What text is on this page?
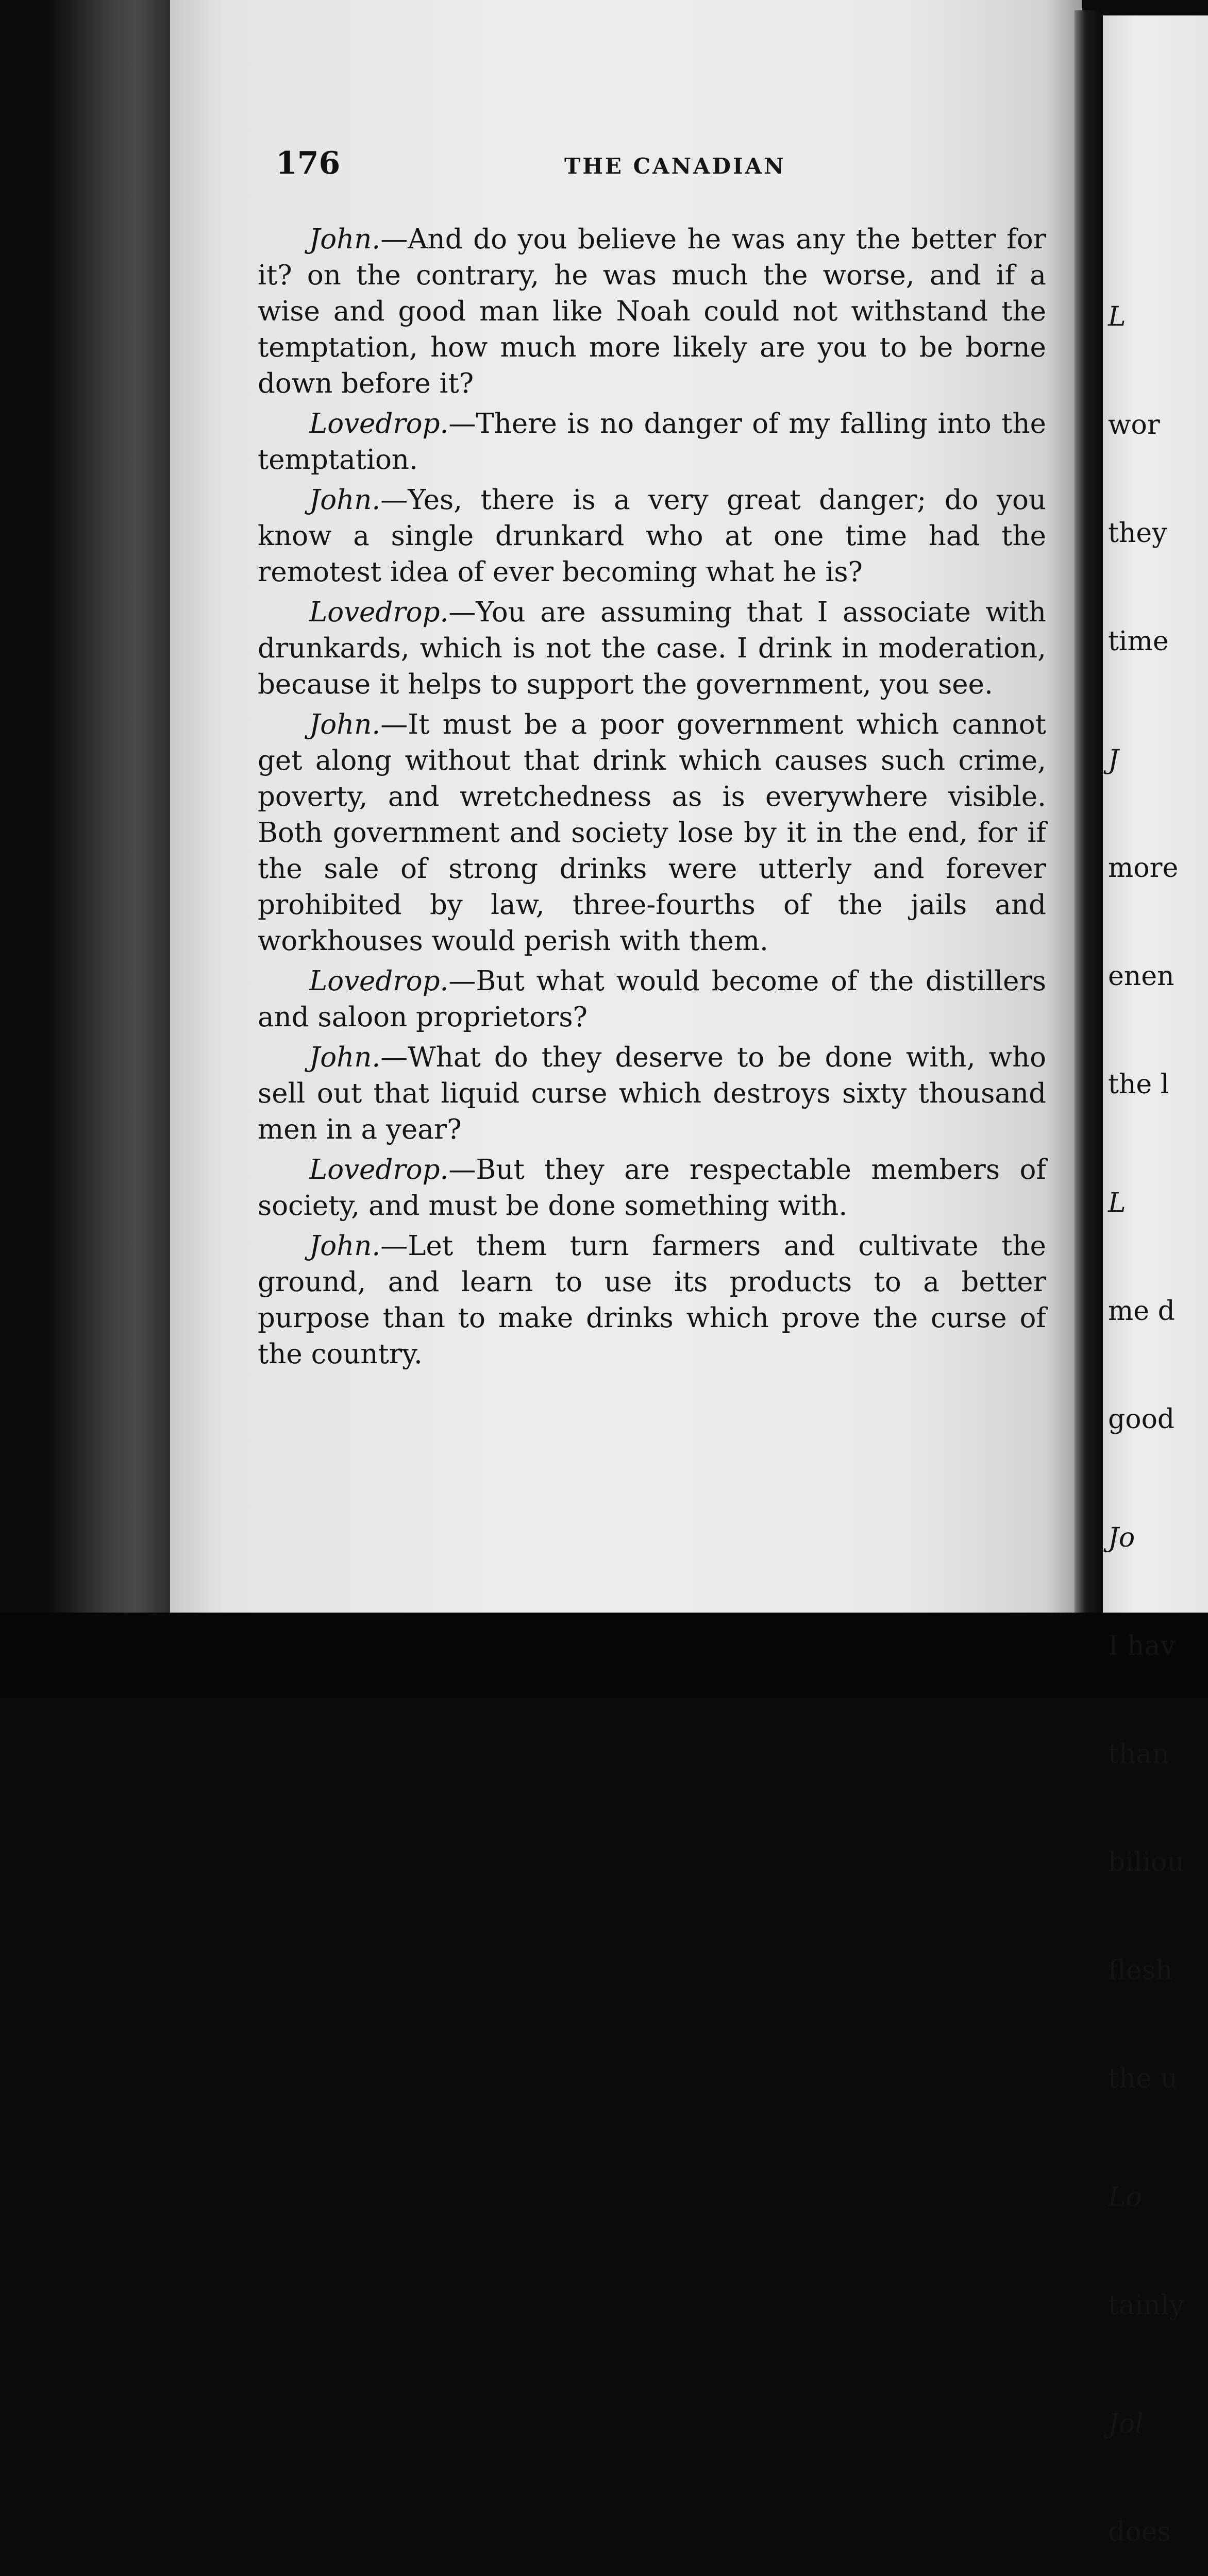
176	THE CANADIAN

John.—And do you believe he was any the better for it? on the contrary, he was much the worse, and if a wise and good man like Noah could not withstand the temptation, how much more likely are you to be borne down before it?

Lovedrop.—There is no danger of my falling into the temptation.

John.—Yes, there is a very great danger; do you know a single drunkard who at one time had the remotest idea of ever becoming what he is?

Lovedrop.—You are assuming that I associate with drunkards, which is not the case. I drink in moderation, because it helps to support the government, you see.

John.—It must be a poor government which cannot get along without that drink which causes such crime, poverty, and wretchedness as is everywhere visible. Both government and society lose by it in the end, for if the sale of strong drinks were utterly and forever prohibited by law, three-fourths of the jails and workhouses would perish with them.

Lovedrop.—But what would become of the distillers and saloon proprietors?

John.—What do they deserve to be done with, who sell out that liquid curse which destroys sixty thousand men in a year?

Lovedrop.—But they are respectable members of society, and must be done something with.

John.—Let them turn farmers and cultivate the ground, and learn to use its products to a better purpose than to make drinks which prove the curse of the country.

L

wor

they

time

J

more

enen

the l

L

me d

good

Jo

I hav

than

biliou

flesh

the u

Lo

tainly

Jol

does
